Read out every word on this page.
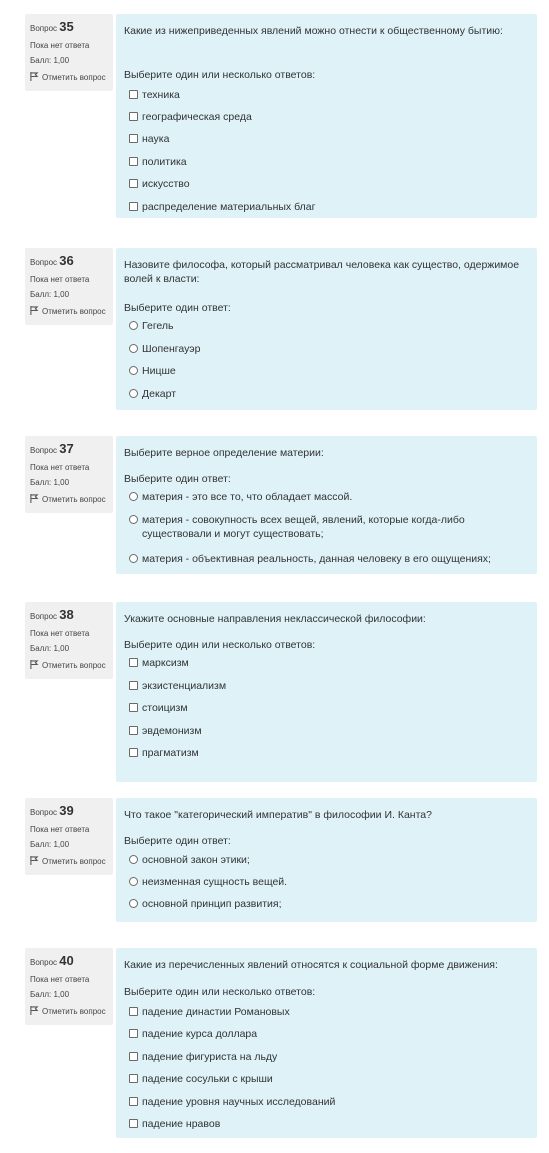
Вопрос 35
Пока нет ответа
Балл: 1,00
Отметить вопрос
Какие из нижеприведенных явлений можно отнести к общественному бытию:
Выберите один или несколько ответов:
техника
географическая среда
наука
политика
искусство
распределение материальных благ
Вопрос 36
Пока нет ответа
Балл: 1,00
Отметить вопрос
Назовите философа, который рассматривал человека как существо, одержимое волей к власти:
Выберите один ответ:
Гегель
Шопенгауэр
Ницше
Декарт
Вопрос 37
Пока нет ответа
Балл: 1,00
Отметить вопрос
Выберите верное определение материи:
Выберите один ответ:
материя - это все то, что обладает массой.
материя - совокупность всех вещей, явлений, которые когда-либо существовали и могут существовать;
материя - объективная реальность, данная человеку в его ощущениях;
Вопрос 38
Пока нет ответа
Балл: 1,00
Отметить вопрос
Укажите основные направления неклассической философии:
Выберите один или несколько ответов:
марксизм
экзистенциализм
стоицизм
эвдемонизм
прагматизм
Вопрос 39
Пока нет ответа
Балл: 1,00
Отметить вопрос
Что такое "категорический императив" в философии И. Канта?
Выберите один ответ:
основной закон этики;
неизменная сущность вещей.
основной принцип развития;
Вопрос 40
Пока нет ответа
Балл: 1,00
Отметить вопрос
Какие из перечисленных явлений относятся к социальной форме движения:
Выберите один или несколько ответов:
падение династии Романовых
падение курса доллара
падение фигуриста на льду
падение сосульки с крыши
падение уровня научных исследований
падение нравов
